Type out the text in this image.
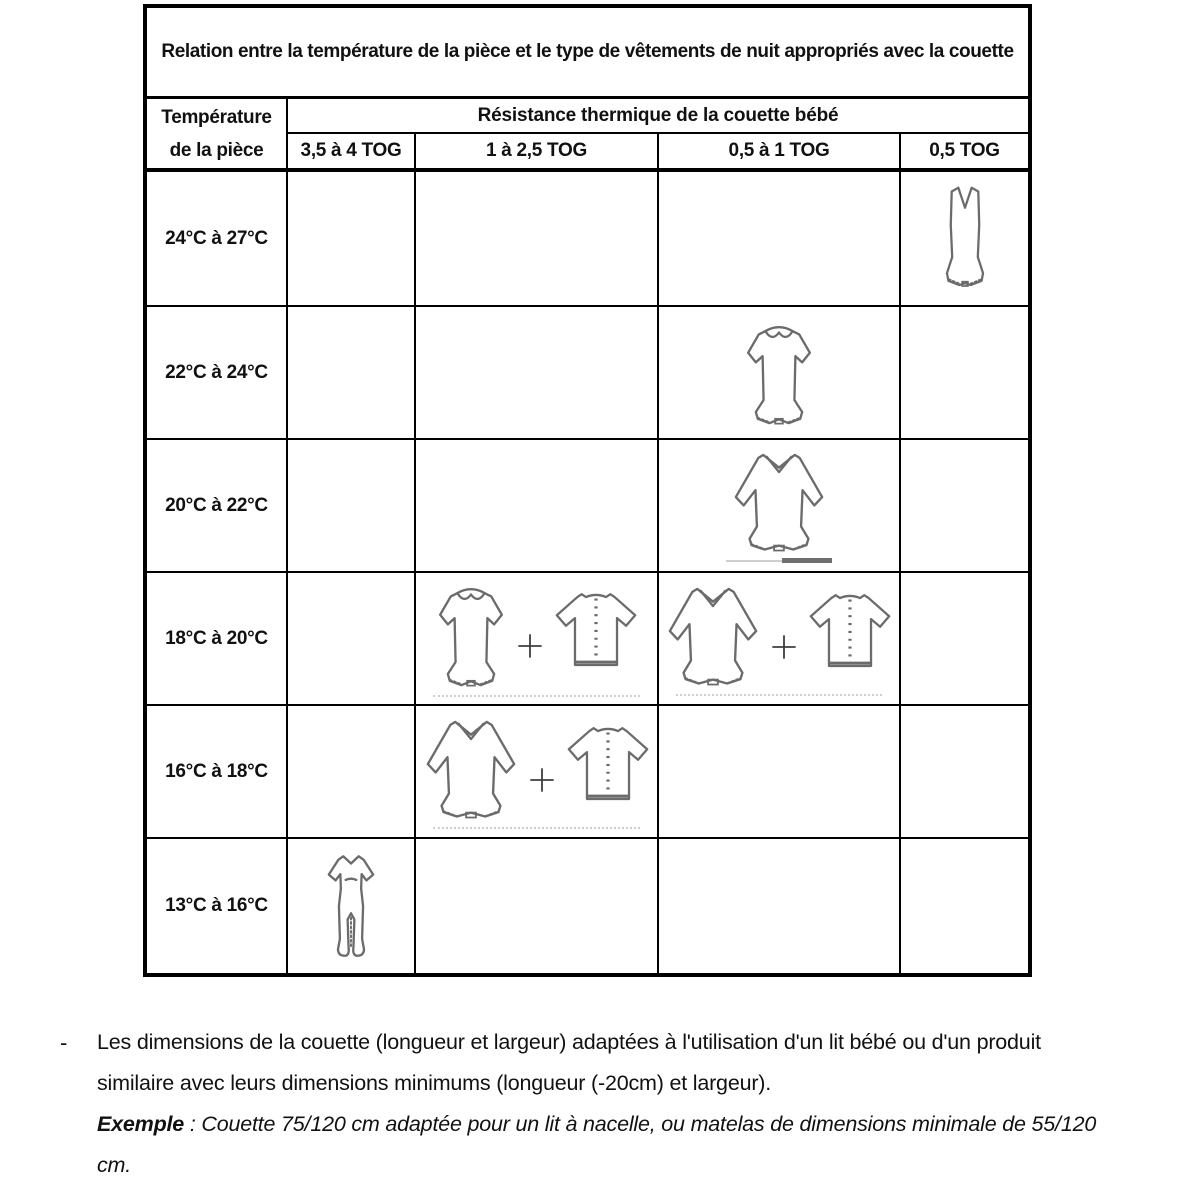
Relation entre la température de la pièce et le type de vêtements de nuit appropriés avec la couette				

Température
de la pièce	Résistance thermique de la couette bébé			
	3,5 à 4 TOG	1 à 2,5 TOG	0,5 à 1 TOG	0,5 TOG
24°C à 27°C	

22°C à 24°C	

20°C à 22°C	

18°C à 20°C	

16°C à 18°C	

13°C à 16°C	

-	Les dimensions de la couette (longueur et largeur) adaptées à l'utilisation d'un lit bébé ou d'un produit similaire avec leurs dimensions minimums (longueur (-20cm) et largeur).

Exemple : Couette 75/120 cm adaptée pour un lit à nacelle, ou matelas de dimensions minimale de 55/120 cm.
